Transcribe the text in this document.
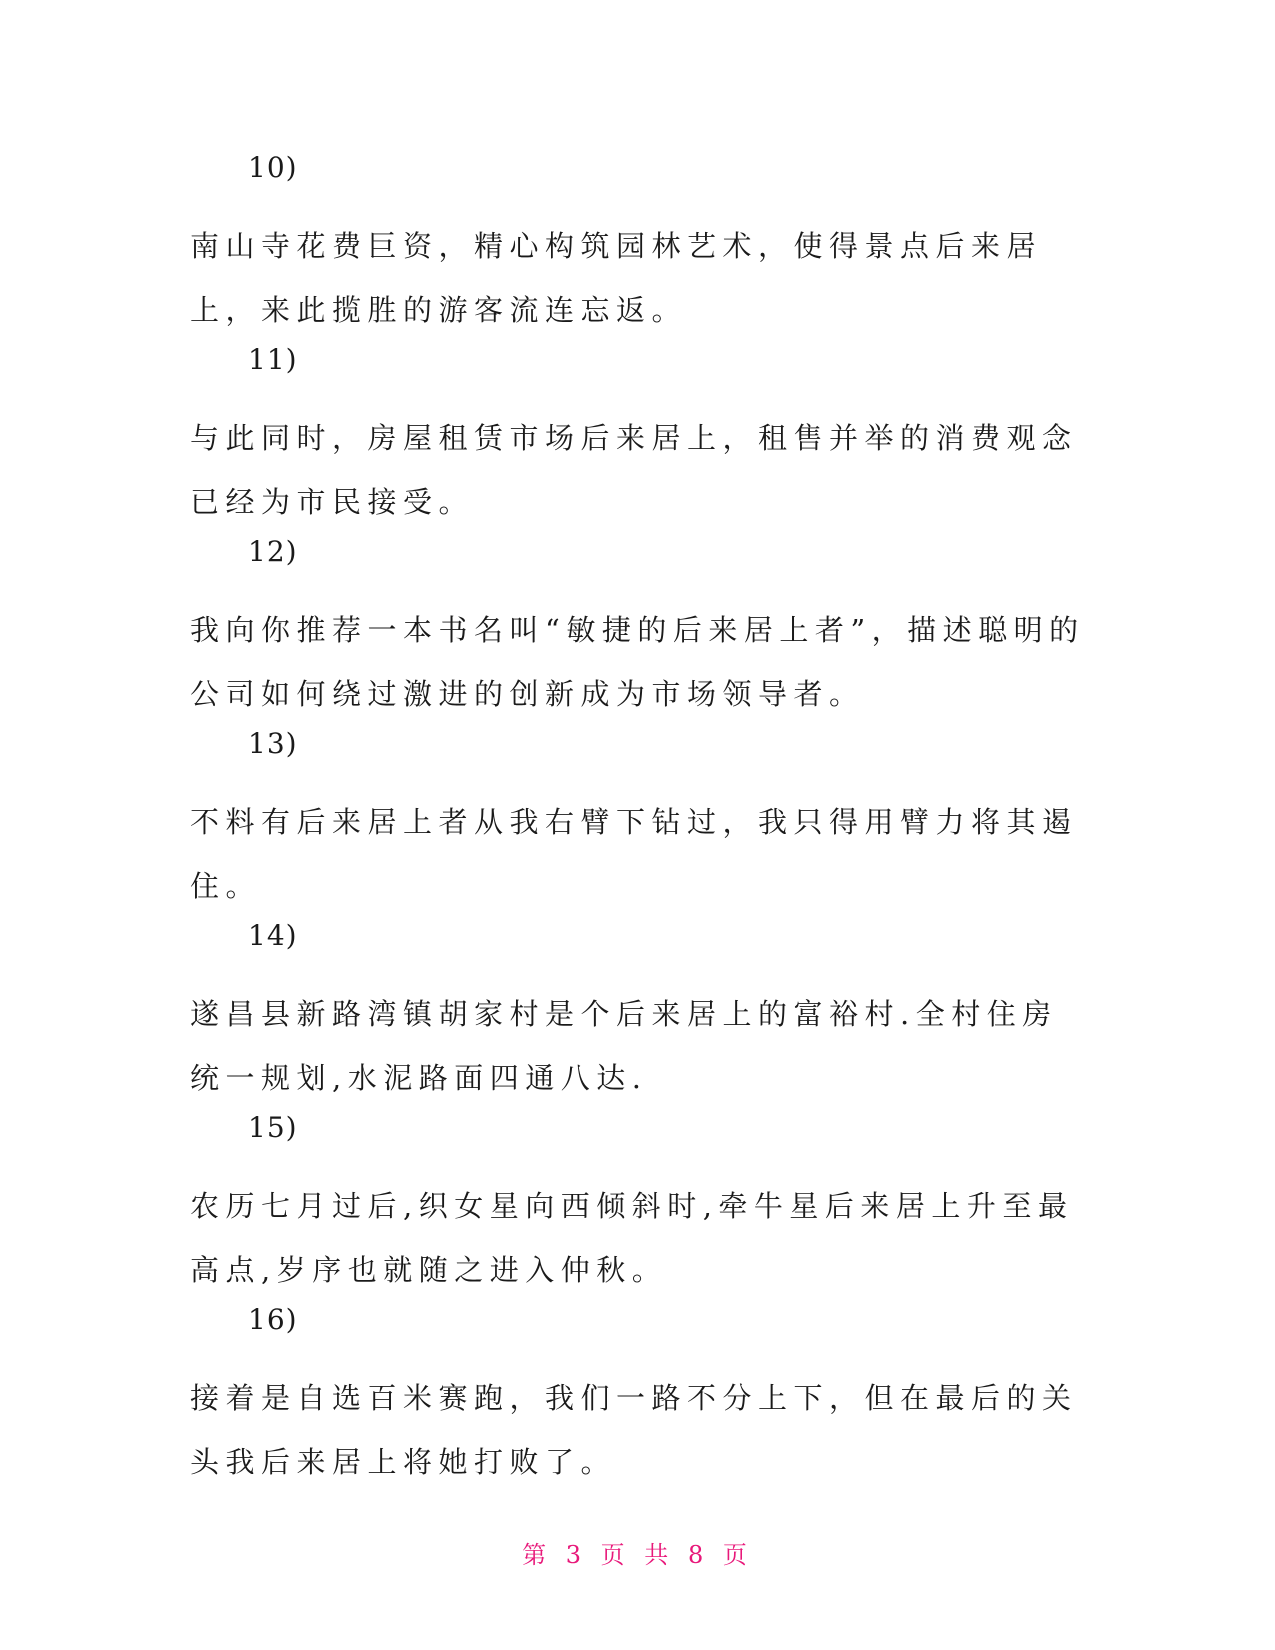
10)
南山寺花费巨资，精心构筑园林艺术，使得景点后来居上，来此揽胜的游客流连忘返。
11)
与此同时，房屋租赁市场后来居上，租售并举的消费观念已经为市民接受。
12)
我向你推荐一本书名叫“敏捷的后来居上者”，描述聪明的公司如何绕过激进的创新成为市场领导者。
13)
不料有后来居上者从我右臂下钻过，我只得用臂力将其遏住。
14)
遂昌县新路湾镇胡家村是个后来居上的富裕村.全村住房统一规划,水泥路面四通八达.
15)
农历七月过后,织女星向西倾斜时,牵牛星后来居上升至最高点,岁序也就随之进入仲秋。
16)
接着是自选百米赛跑，我们一路不分上下，但在最后的关头我后来居上将她打败了。
第 3 页 共 8 页
